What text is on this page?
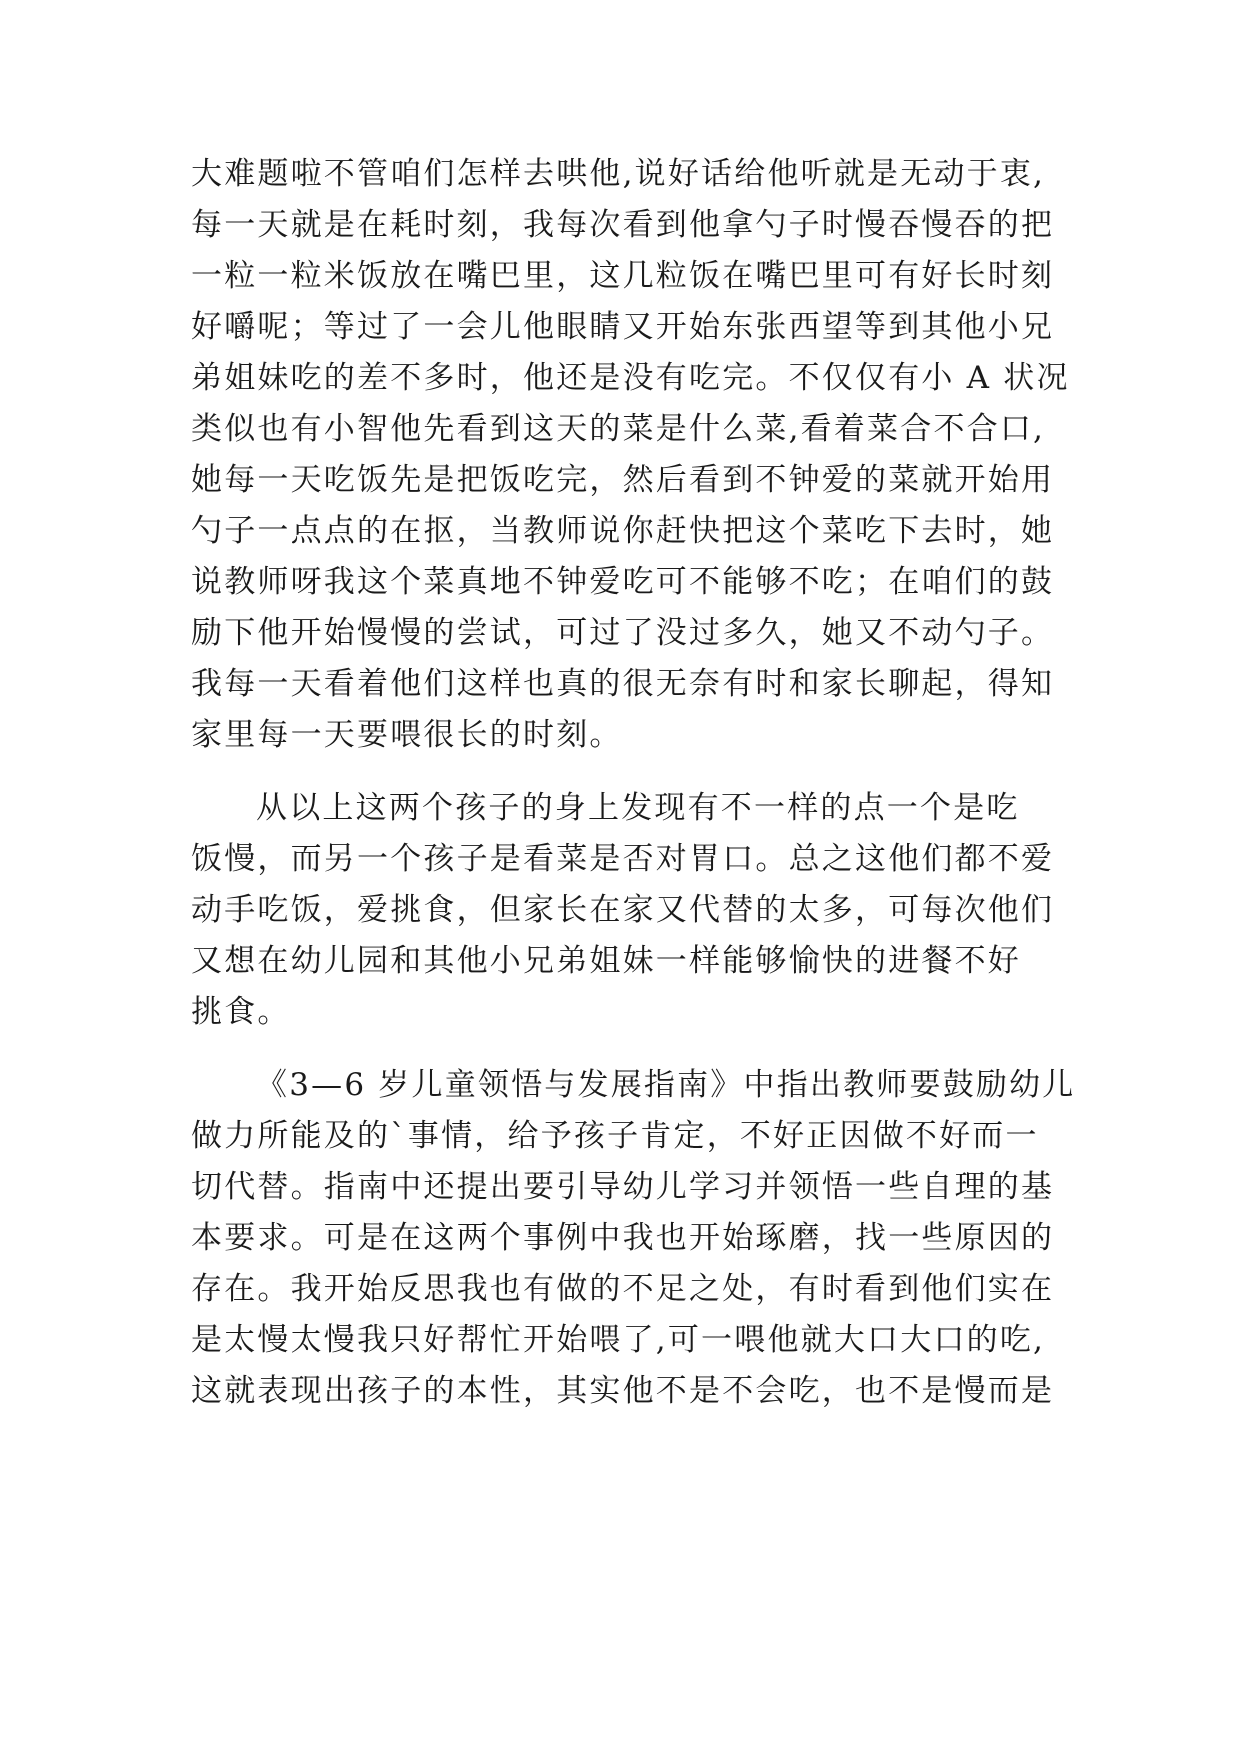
大难题啦不管咱们怎样去哄他,说好话给他听就是无动于衷,

每一天就是在耗时刻，我每次看到他拿勺子时慢吞慢吞的把

一粒一粒米饭放在嘴巴里，这几粒饭在嘴巴里可有好长时刻

好嚼呢；等过了一会儿他眼睛又开始东张西望等到其他小兄

弟姐妹吃的差不多时，他还是没有吃完。不仅仅有小 A 状况

类似也有小智他先看到这天的菜是什么菜,看着菜合不合口,

她每一天吃饭先是把饭吃完，然后看到不钟爱的菜就开始用

勺子一点点的在抠，当教师说你赶快把这个菜吃下去时，她

说教师呀我这个菜真地不钟爱吃可不能够不吃；在咱们的鼓

励下他开始慢慢的尝试，可过了没过多久，她又不动勺子。

我每一天看着他们这样也真的很无奈有时和家长聊起，得知

家里每一天要喂很长的时刻。

从以上这两个孩子的身上发现有不一样的点一个是吃

饭慢，而另一个孩子是看菜是否对胃口。总之这他们都不爱

动手吃饭，爱挑食，但家长在家又代替的太多，可每次他们

又想在幼儿园和其他小兄弟姐妹一样能够愉快的进餐不好

挑食。

《3—6 岁儿童领悟与发展指南》中指出教师要鼓励幼儿

做力所能及的`事情，给予孩子肯定，不好正因做不好而一

切代替。指南中还提出要引导幼儿学习并领悟一些自理的基

本要求。可是在这两个事例中我也开始琢磨，找一些原因的

存在。我开始反思我也有做的不足之处，有时看到他们实在

是太慢太慢我只好帮忙开始喂了,可一喂他就大口大口的吃,

这就表现出孩子的本性，其实他不是不会吃，也不是慢而是
